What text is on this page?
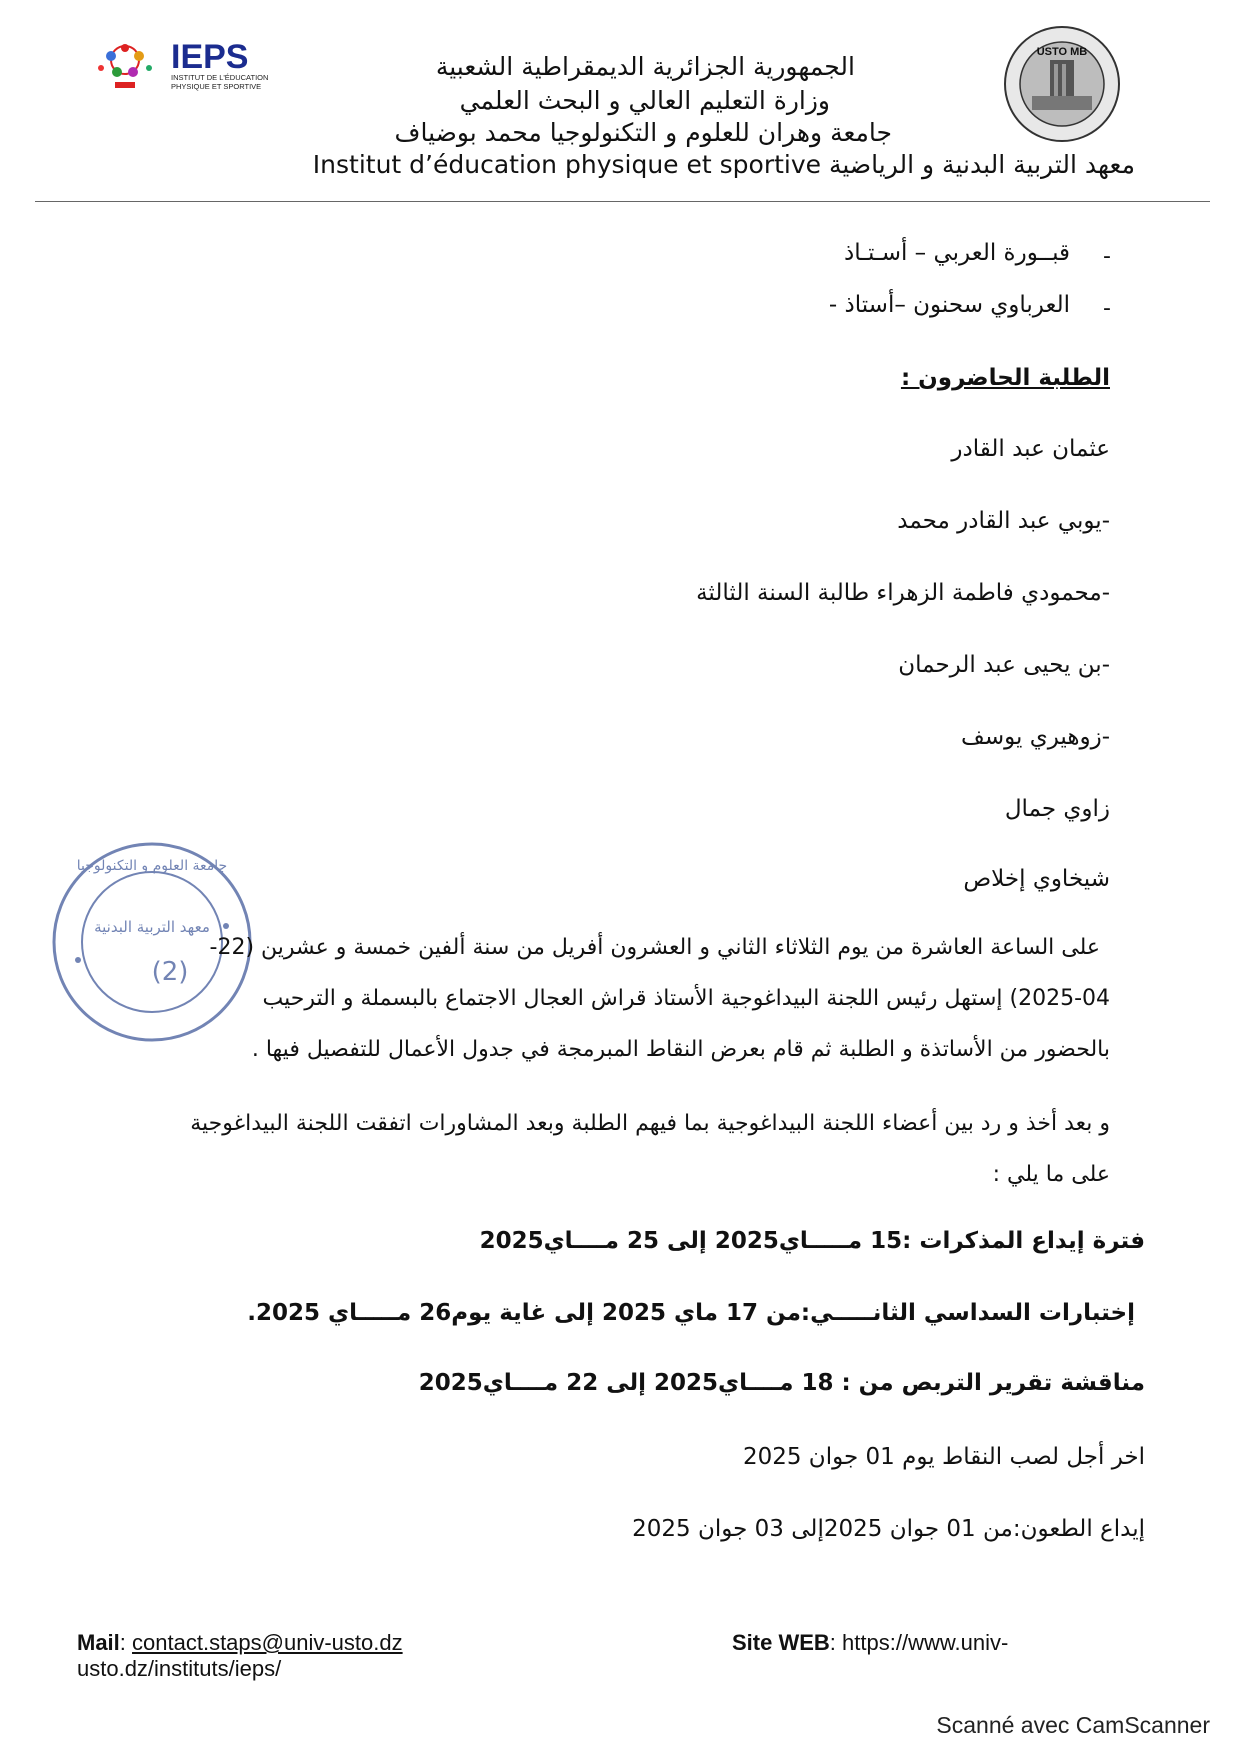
IEPS
INSTITUT DE L'ÉDUCATION
PHYSIQUE ET SPORTIVE
USTO MB
الجمهورية الجزائرية الديمقراطية الشعبية
وزارة التعليم العالي و البحث العلمي
جامعة وهران للعلوم و التكنولوجيا محمد بوضياف
Institut d’éducation physique et sportive معهد التربية البدنية و الرياضية
-
قبــورة العربي – أسـتـاذ
-
العرباوي سحنون –أستاذ -
الطلبة الحاضرون :
عثمان عبد القادر
-يوبي عبد القادر محمد
-محمودي فاطمة الزهراء طالبة السنة الثالثة
-بن يحيى عبد الرحمان
-زوهيري يوسف
زاوي جمال
شيخاوي إخلاص
جامعة العلوم و التكنولوجيا
معهد التربية البدنية
(2)
على الساعة العاشرة من يوم الثلاثاء الثاني و العشرون أفريل من سنة ألفين خمسة و عشرين (22-
2025-04) إستهل رئيس اللجنة البيداغوجية الأستاذ قراش العجال الاجتماع بالبسملة و الترحيب
بالحضور من الأساتذة و الطلبة ثم قام بعرض النقاط المبرمجة في جدول الأعمال للتفصيل فيها .
و بعد أخذ و رد بين أعضاء اللجنة البيداغوجية بما فيهم الطلبة وبعد المشاورات اتفقت اللجنة البيداغوجية
على ما يلي :
فترة إيداع المذكرات :15 مـــــاي2025 إلى 25 مــــاي2025
إختبارات السداسي الثانـــــي:من 17 ماي 2025 إلى غاية يوم26 مـــــاي 2025.
مناقشة تقرير التربص من : 18 مــــاي2025 إلى 22 مــــاي2025
اخر أجل لصب النقاط يوم 01 جوان 2025
إيداع الطعون:من 01 جوان 2025إلى 03 جوان 2025
Mail: contact.staps@univ-usto.dz	Site WEB: https://www.univ-
usto.dz/instituts/ieps/
Scanné avec CamScanner
